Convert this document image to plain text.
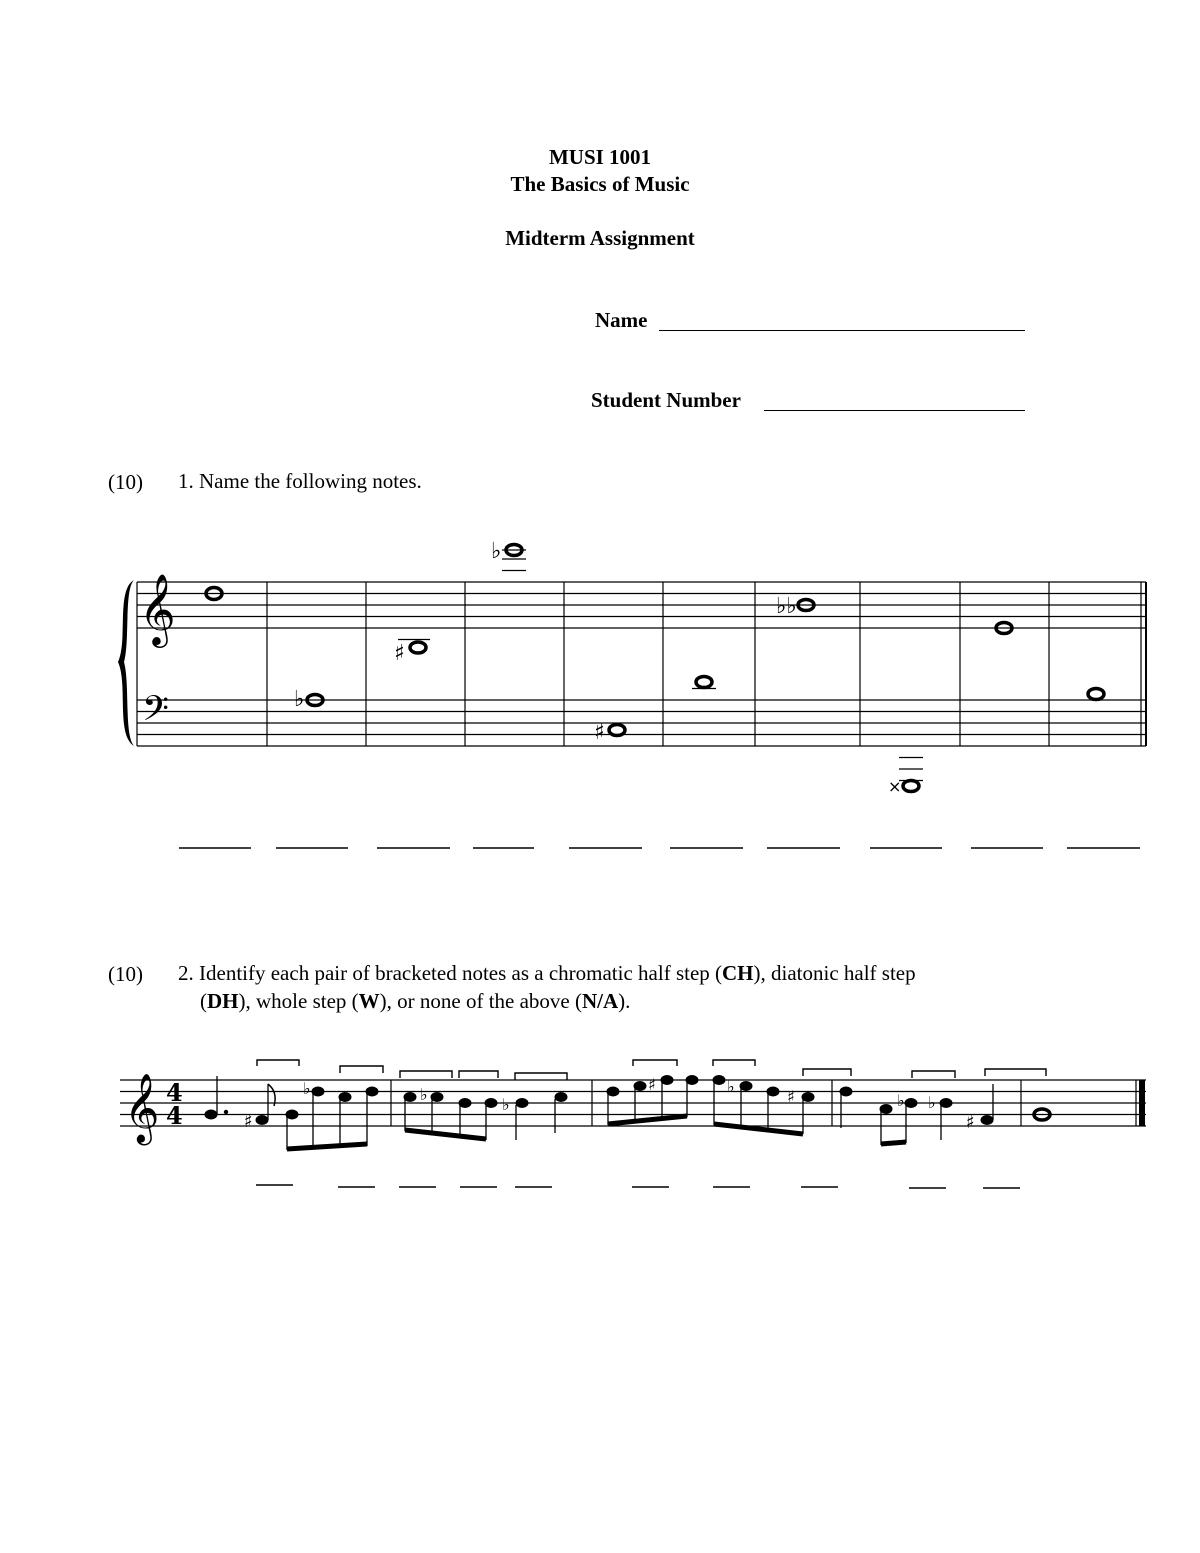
MUSI 1001
The Basics of Music
Midterm Assignment
Name
Student Number
(10) 1. Name the following notes.
𝄞
𝄢	♭
♯
♭
♯
♭♭
×
(10) 2. Identify each pair of bracketed notes as a chromatic half step (CH), diatonic half step
(DH), whole step (W), or none of the above (N/A).
𝄞 4
4	♯
♭	♭
♭
♯	♭
♯	♭ ♭
♯
